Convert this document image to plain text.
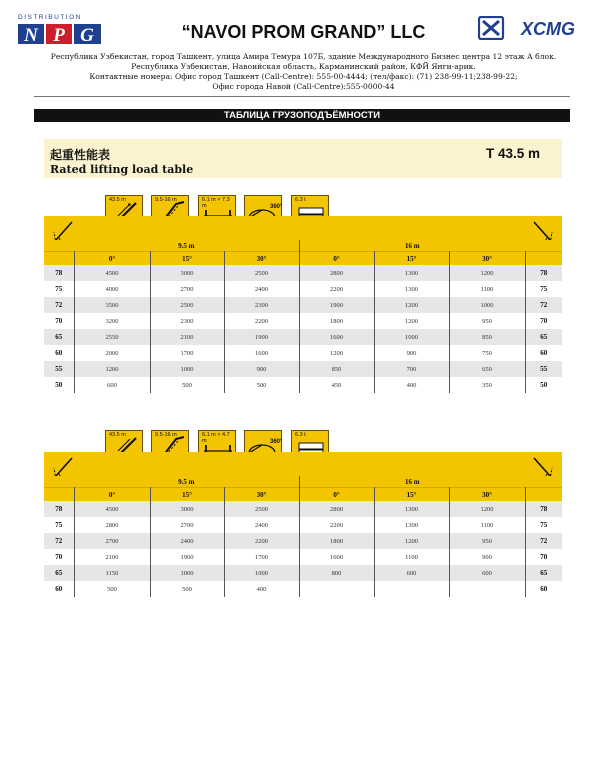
DISTRIBUTION
N P G	“NAVOI PROM GRAND” LLC	XCMG
Республика Узбекистан, город Ташкент, улица Амира Темура 107Б, здание Международного Бизнес центра 12 этаж А блок.
Республика Узбекистан, Навоийская область, Карманинский район, КФЙ Янги-арик.
Контактные номера: Офис город Ташкент (Call-Centre): 555-00-4444; (тел/факс): (71) 238-99-11;238-99-22;
Офис города Навой (Call-Centre):555-0000-44
ТАБЛИЦА ГРУЗОПОДЪЁМНОСТИ
起重性能表
Rated lifting load table
T 43.5 m
43.5 m	9.5-16 m	6.1 m × 7.3 m	360°
6.3 t
	9.5 m			16 m			
	0°	15°	30°	0°	15°	30°	
78	4500	3000	2500	2800	1300	1200	78
75	4000	2700	2400	2200	1300	1100	75
72	3500	2500	2300	1900	1200	1000	72
70	3200	2300	2200	1800	1200	950	70
65	2550	2100	1900	1600	1000	850	65
60	2000	1700	1600	1200	900	750	60
55	1200	1000	900	850	700	650	55
50	600	500	500	450	400	350	50
43.5 m	9.5-16 m	6.1 m × 4.7 m	360°
6.3 t
	9.5 m			16 m			
	0°	15°	30°	0°	15°	30°	
78	4500	3000	2500	2800	1300	1200	78
75	2800	2700	2400	2200	1300	1100	75
72	2700	2400	2200	1800	1200	950	72
70	2100	1900	1700	1600	1100	900	70
65	1150	1000	1000	800	600	600	65
60	500	500	400				60
